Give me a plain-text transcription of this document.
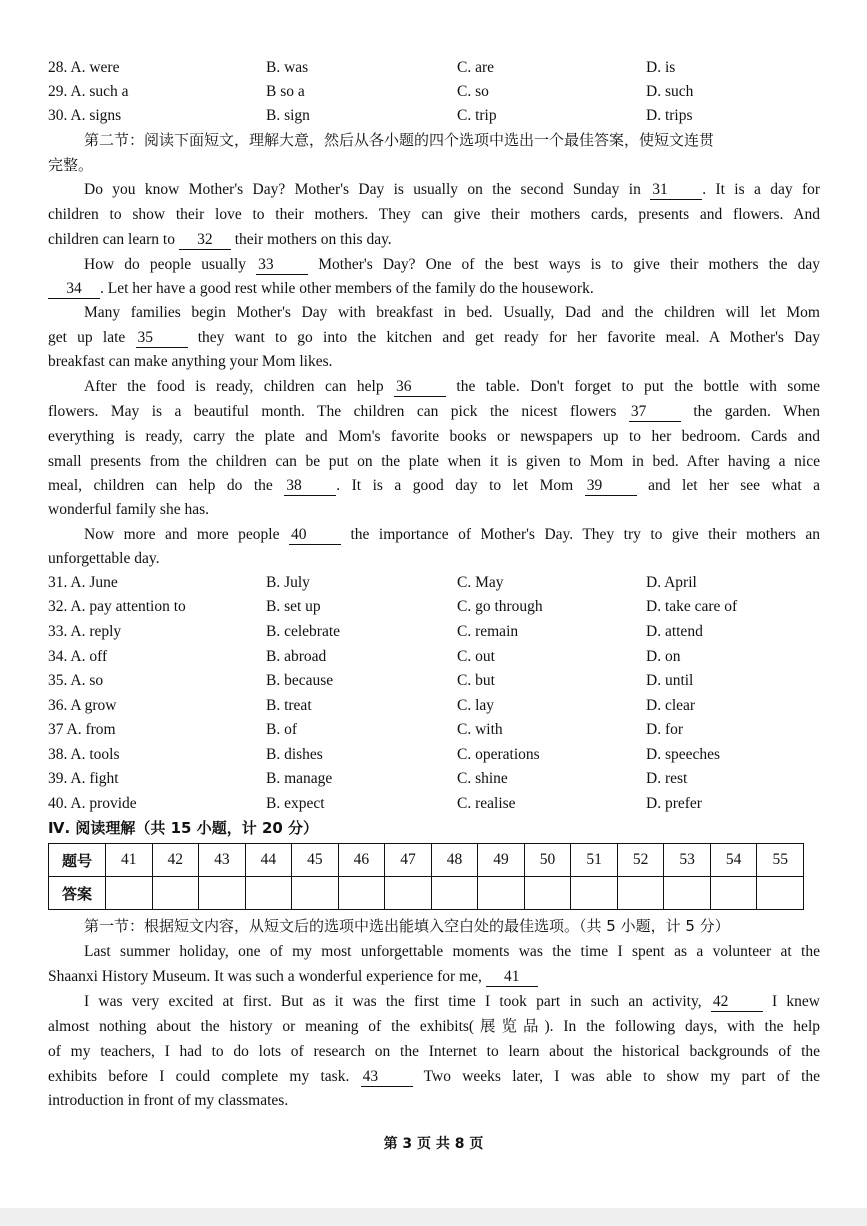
28. A. were	B. was	C. are	D. is
29. A. such a	B so a	C. so	D. such
30. A. signs	B. sign	C. trip	D. trips
第二节：阅读下面短文，理解大意，然后从各小题的四个选项中选出一个最佳答案，使短文连贯
完整。
Do you know Mother's Day? Mother's Day is usually on the second Sunday in 31 . It is a day for
children to show their love to their mothers. They can give their mothers cards, presents and flowers. And
children can learn to 32 their mothers on this day.
How do people usually 33	Mother's Day? One of the best ways is to give their mothers the day
34 . Let her have a good rest while other members of the family do the housework.
Many families begin Mother's Day with breakfast in bed. Usually, Dad and the children will let Mom
get up late 35	they want to go into the kitchen and get ready for her favorite meal. A Mother's Day
breakfast can make anything your Mom likes.
After the food is ready, children can help 36	the table. Don't forget to put the bottle with some
flowers. May is a beautiful month. The children can pick the nicest flowers 37	the garden. When
everything is ready, carry the plate and Mom's favorite books or newspapers up to her bedroom. Cards and
small presents from the children can be put on the plate when it is given to Mom in bed. After having a nice
meal, children can help do the 38 . It is a good day to let Mom 39	and let her see what a
wonderful family she has.
Now more and more people 40	the importance of Mother's Day. They try to give their mothers an
unforgettable day.
31. A. June	B. July	C. May	D. April
32. A. pay attention to	B. set up	C. go through	D. take care of
33. A. reply	B. celebrate	C. remain	D. attend
34. A. off	B. abroad	C. out	D. on
35. A. so	B. because	C. but	D. until
36. A grow	B. treat	C. lay	D. clear
37 A. from	B. of	C. with	D. for
38. A. tools	B. dishes	C. operations	D. speeches
39. A. fight	B. manage	C. shine	D. rest
40. A. provide	B. expect	C. realise	D. prefer
Ⅳ. 阅读理解（共 15 小题，计 20 分）
题号	41	42	43	44	45	46	47	48	49	50	51	52	53	54	55
答案															
第一节：根据短文内容，从短文后的选项中选出能填入空白处的最佳选项。（共 5 小题，计 5 分）
Last summer holiday, one of my most unforgettable moments was the time I spent as a volunteer at the
Shaanxi History Museum. It was such a wonderful experience for me, 41
I was very excited at first. But as it was the first time I took part in such an activity, 42	I knew
almost nothing about the history or meaning of the exhibits(展览品). In the following days, with the help
of my teachers, I had to do lots of research on the Internet to learn about the historical backgrounds of the
exhibits before I could complete my task. 43	Two weeks later, I was able to show my part of the
introduction in front of my classmates.
第 3 页 共 8 页
